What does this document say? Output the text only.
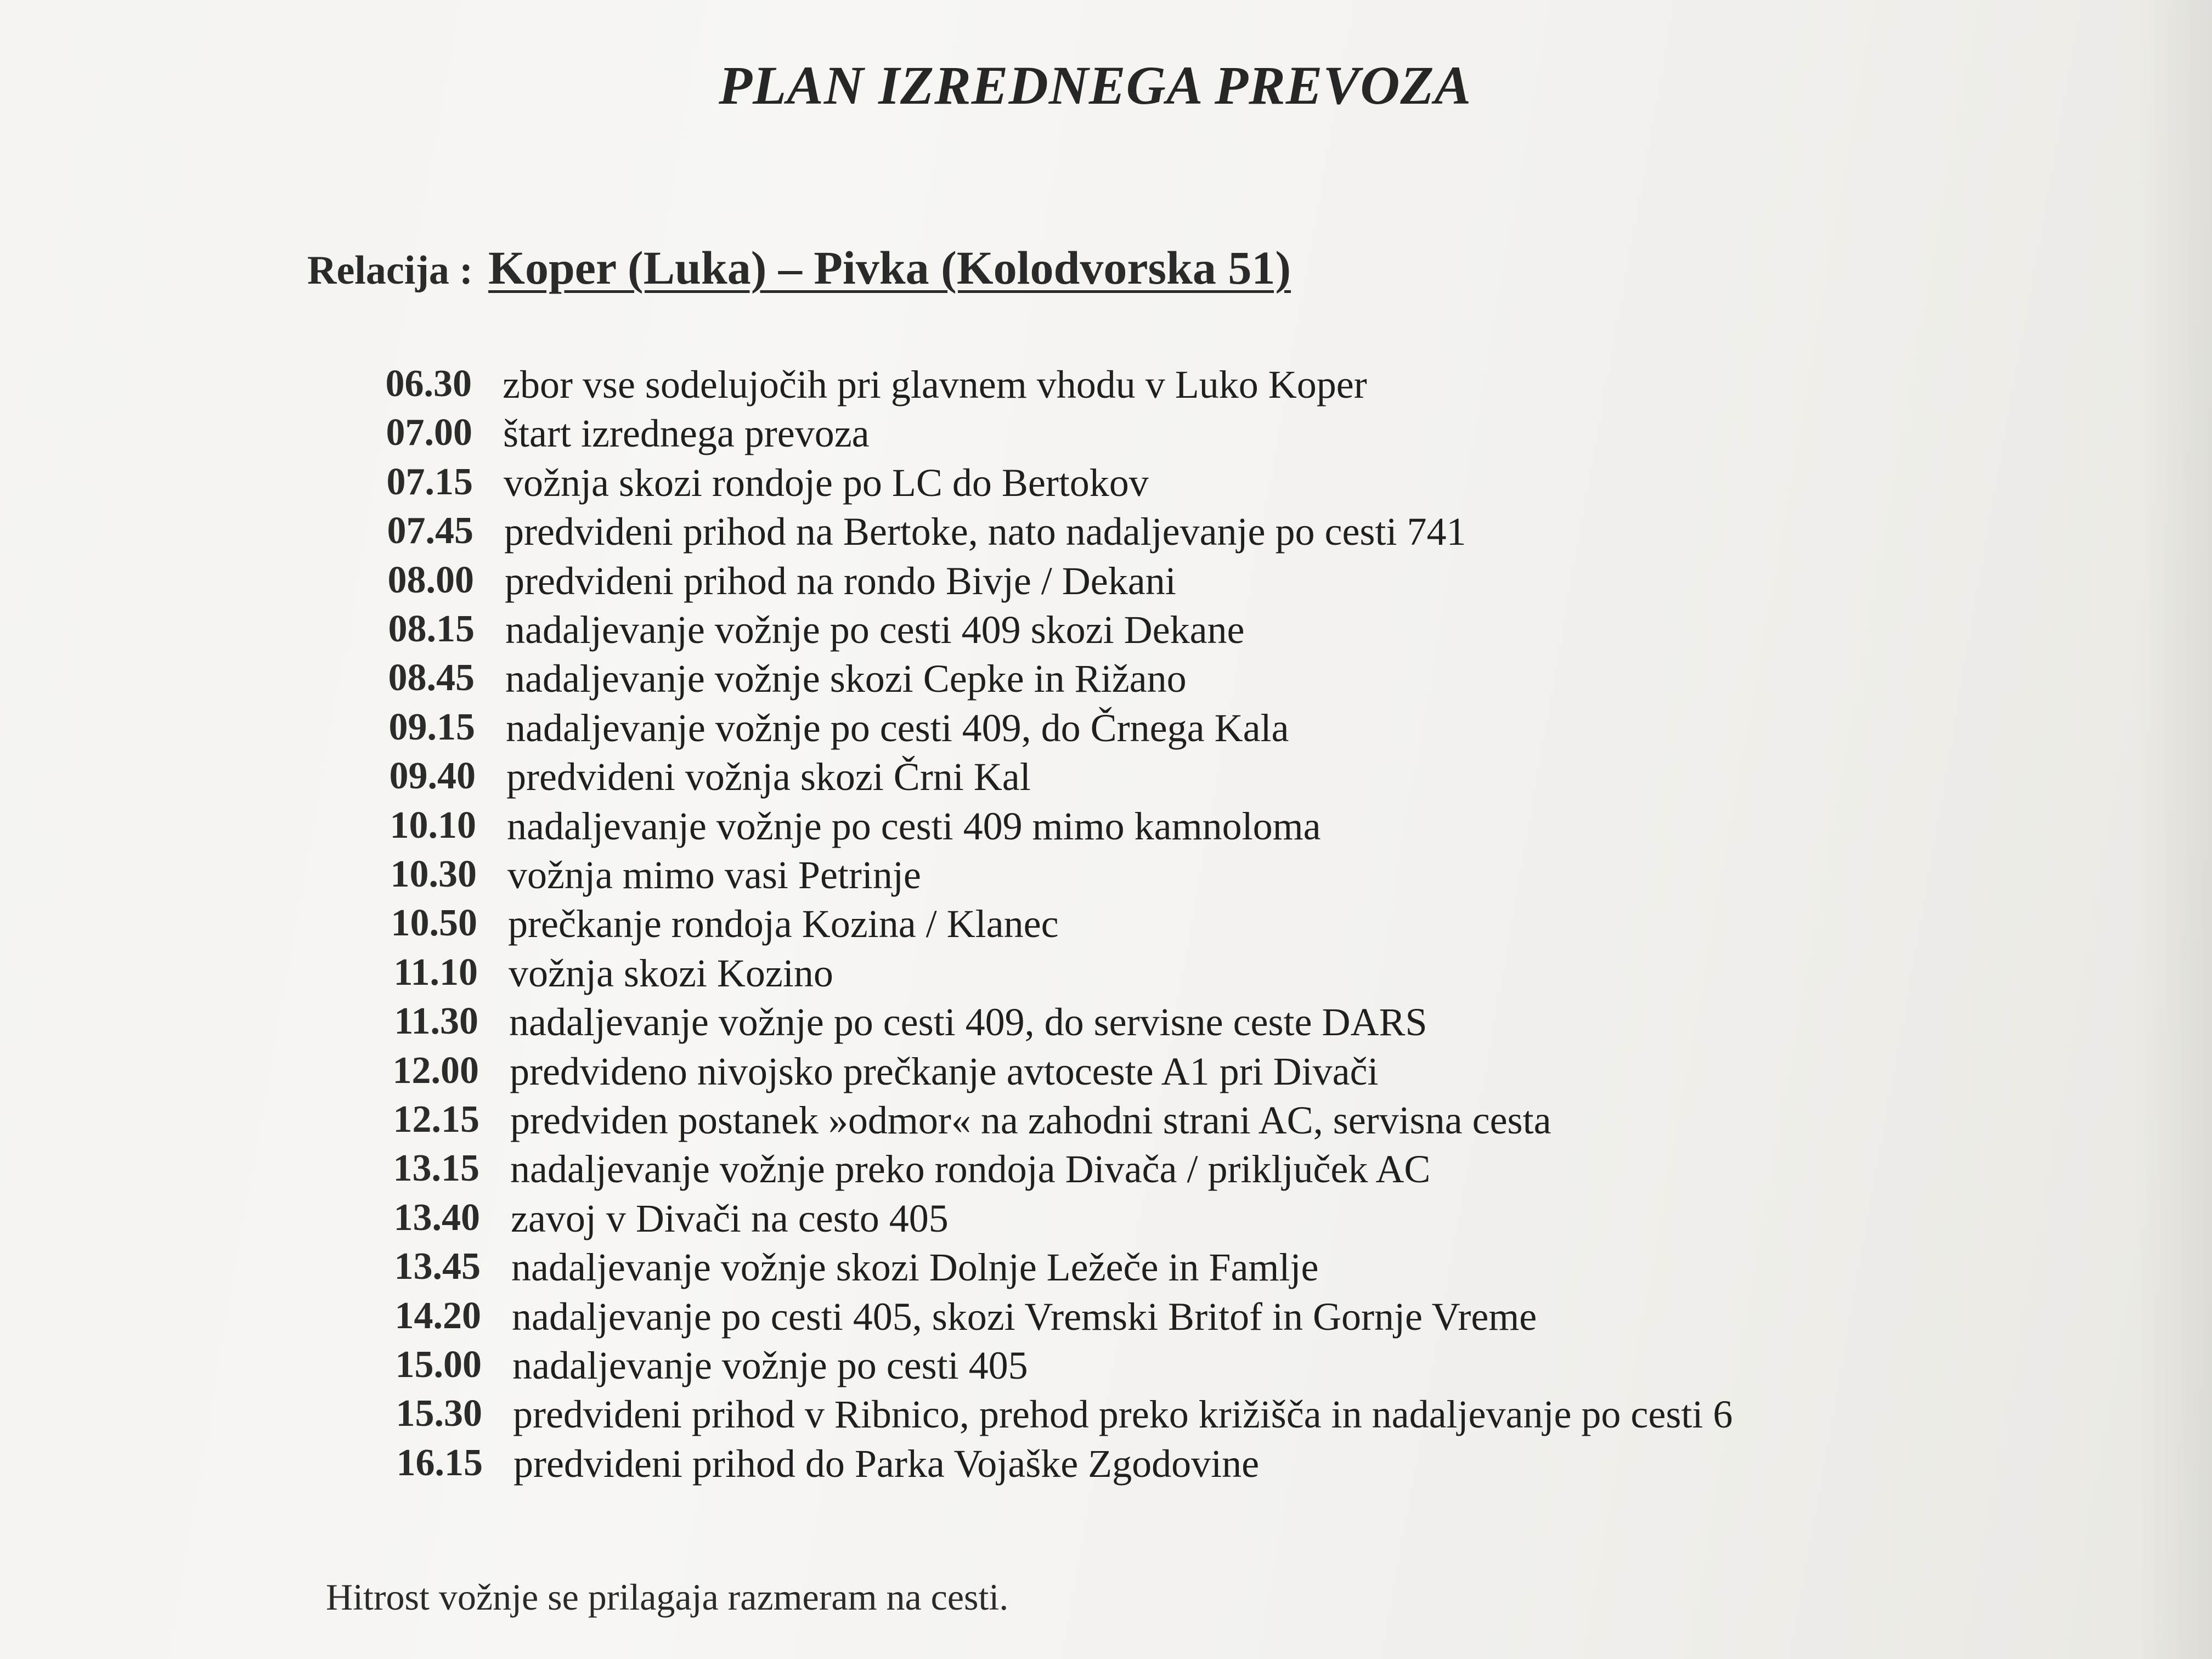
PLAN IZREDNEGA PREVOZA
Relacija : Koper (Luka) – Pivka (Kolodvorska 51)
06.30 zbor vse sodelujočih pri glavnem vhodu v Luko Koper
07.00 štart izrednega prevoza
07.15 vožnja skozi rondoje po LC do Bertokov
07.45 predvideni prihod na Bertoke, nato nadaljevanje po cesti 741
08.00 predvideni prihod na rondo Bivje / Dekani
08.15 nadaljevanje vožnje po cesti 409 skozi Dekane
08.45 nadaljevanje vožnje skozi Cepke in Rižano
09.15 nadaljevanje vožnje po cesti 409, do Črnega Kala
09.40 predvideni vožnja skozi Črni Kal
10.10 nadaljevanje vožnje po cesti 409 mimo kamnoloma
10.30 vožnja mimo vasi Petrinje
10.50 prečkanje rondoja Kozina / Klanec
11.10 vožnja skozi Kozino
11.30 nadaljevanje vožnje po cesti 409, do servisne ceste DARS
12.00 predvideno nivojsko prečkanje avtoceste A1 pri Divači
12.15 predviden postanek »odmor« na zahodni strani AC, servisna cesta
13.15 nadaljevanje vožnje preko rondoja Divača / priključek AC
13.40 zavoj v Divači na cesto 405
13.45 nadaljevanje vožnje skozi Dolnje Ležeče in Famlje
14.20 nadaljevanje po cesti 405, skozi Vremski Britof in Gornje Vreme
15.00 nadaljevanje vožnje po cesti 405
15.30 predvideni prihod v Ribnico, prehod preko križišča in nadaljevanje po cesti 6
16.15 predvideni prihod do Parka Vojaške Zgodovine
Hitrost vožnje se prilagaja razmeram na cesti.
